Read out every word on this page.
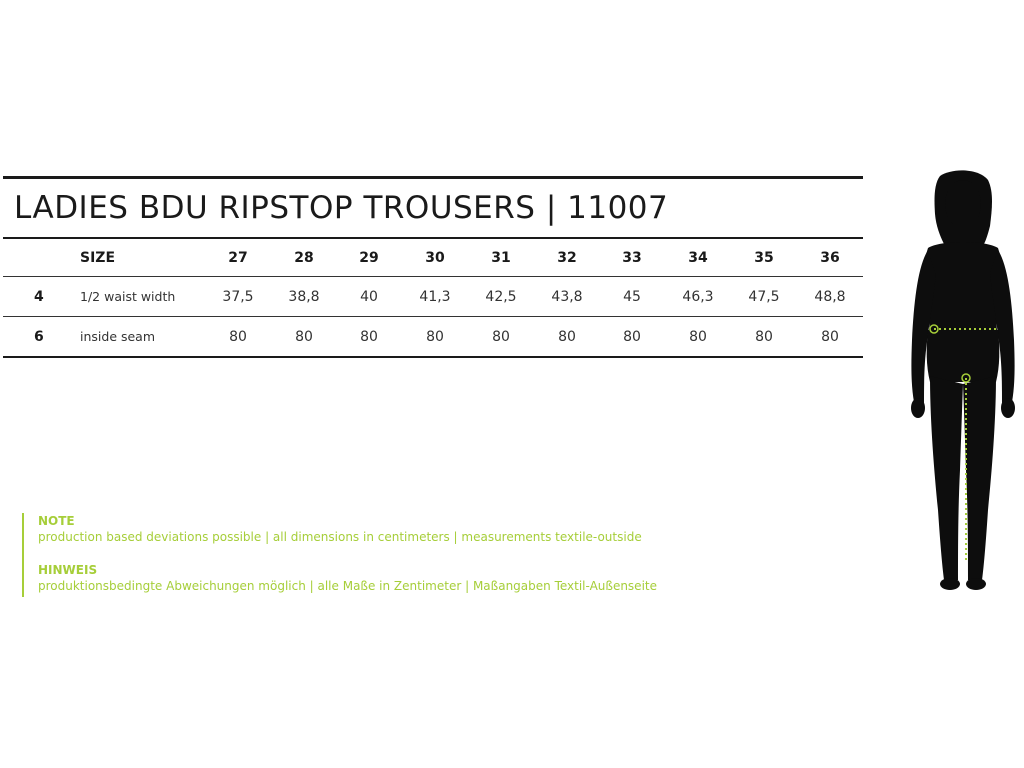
LADIES BDU RIPSTOP TROUSERS | 11007
SIZE	27	28	29	30	31	32	33	34	35	36
4	1/2 waist width	37,5	38,8	40	41,3	42,5	43,8	45	46,3	47,5	48,8
6	inside seam	80	80	80	80	80	80	80	80	80	80
NOTE
production based deviations possible | all dimensions in centimeters | measurements textile-outside
HINWEIS
produktionsbedingte Abweichungen möglich | alle Maße in Zentimeter | Maßangaben Textil-Außenseite
